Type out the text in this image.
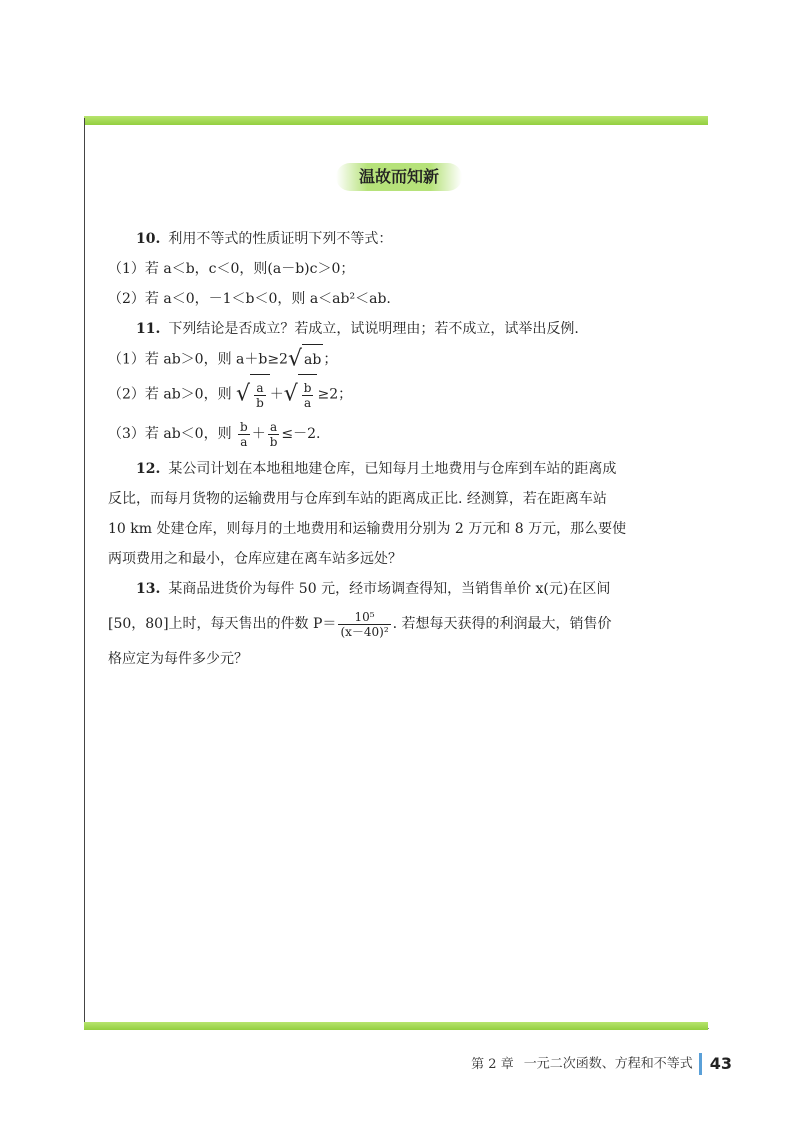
温故而知新
10. 利用不等式的性质证明下列不等式：
（1）若 a＜b，c＜0，则(a－b)c＞0；
（2）若 a＜0，－1＜b＜0，则 a＜ab²＜ab.
11. 下列结论是否成立？若成立，试说明理由；若不成立，试举出反例.
（1）若 ab＞0，则 a＋b≥2√ ab ；
（2）若 ab＞0，则 √ $\frac{a}{b}$ ＋√ $\frac{b}{a} \ge 2$；
（3）若 ab＜0，则 $\frac{b}{a} + \frac{a}{b} \le-2$.
12. 某公司计划在本地租地建仓库，已知每月土地费用与仓库到车站的距离成
反比，而每月货物的运输费用与仓库到车站的距离成正比. 经测算，若在距离车站
10 km 处建仓库，则每月的土地费用和运输费用分别为 2 万元和 8 万元，那么要使
两项费用之和最小，仓库应建在离车站多远处？
13. 某商品进货价为每件 50 元，经市场调查得知，当销售单价 x(元)在区间
[50，80]上时，每天售出的件数 $P= \frac{\text{10⁵}}{\text{(x－40)²}}$ . 若想每天获得的利润最大，销售价
格应定为每件多少元？
第 2 章 一元二次函数、方程和不等式 43
